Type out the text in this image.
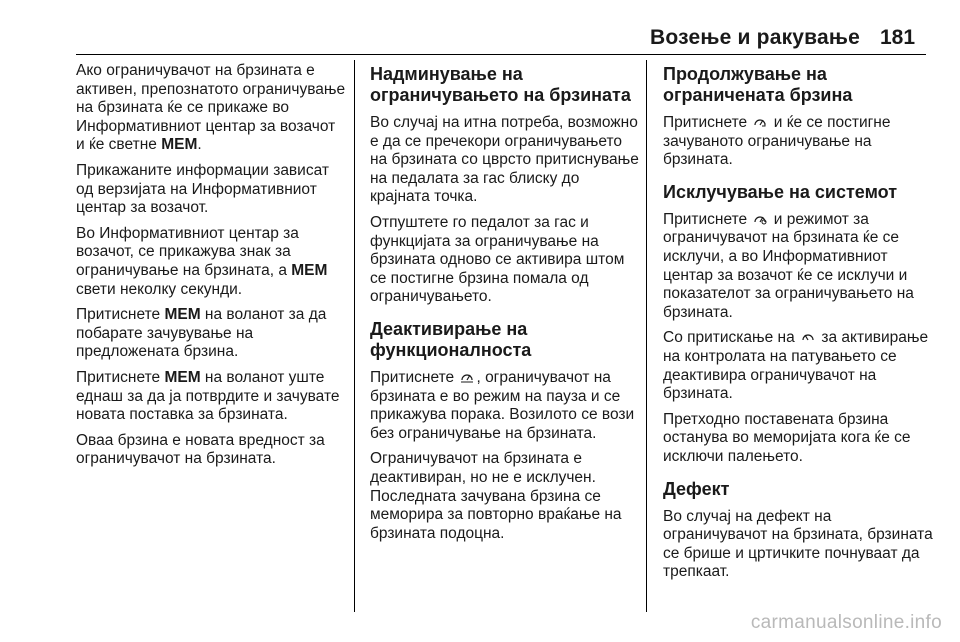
Возење и ракување 181

Ако ограничувачот на брзината е активен, препознатото ограничување на брзината ќе се прикаже во Информативниот центар за возачот и ќе светне MEM.

Прикажаните информации зависат од верзијата на Информативниот центар за возачот.

Во Информативниот центар за возачот, се прикажува знак за ограничување на брзината, а MEM свети неколку секунди.

Притиснете MEM на воланот за да побарате зачувување на предложената брзина.

Притиснете MEM на воланот уште еднаш за да ја потврдите и зачувате новата поставка за брзината.

Оваа брзина е новата вредност за ограничувачот на брзината.

Надминување на ограничувањето на брзината

Во случај на итна потреба, возможно е да се пречекори ограничувањето на брзината со цврсто притиснување на педалата за гас блиску до крајната точка.

Отпуштете го педалот за гас и функцијата за ограничување на брзината одново се активира штом се постигне брзина помала од ограничувањето.

Деактивирање на функционалноста

Притиснете , ограничувачот на брзината е во режим на пауза и се прикажува порака. Возилото се вози без ограничување на брзината.

Ограничувачот на брзината е деактивиран, но не е исклучен. Последната зачувана брзина се меморира за повторно враќање на брзината подоцна.

Продолжување на ограничената брзина

Притиснете  и ќе се постигне зачуваното ограничување на брзината.

Исклучување на системот

Притиснете  и режимот за ограничувачот на брзината ќе се исклучи, а во Информативниот центар за возачот ќе се исклучи и показателот за ограничувањето на брзината.

Со притискање на  за активирање на контролата на патувањето се деактивира ограничувачот на брзината.

Претходно поставената брзина останува во меморијата кога ќе се исключи палењето.

Дефект

Во случај на дефект на ограничувачот на брзината, брзината се брише и цртичките почнуваат да трепкаат.

carmanualsonline.info
